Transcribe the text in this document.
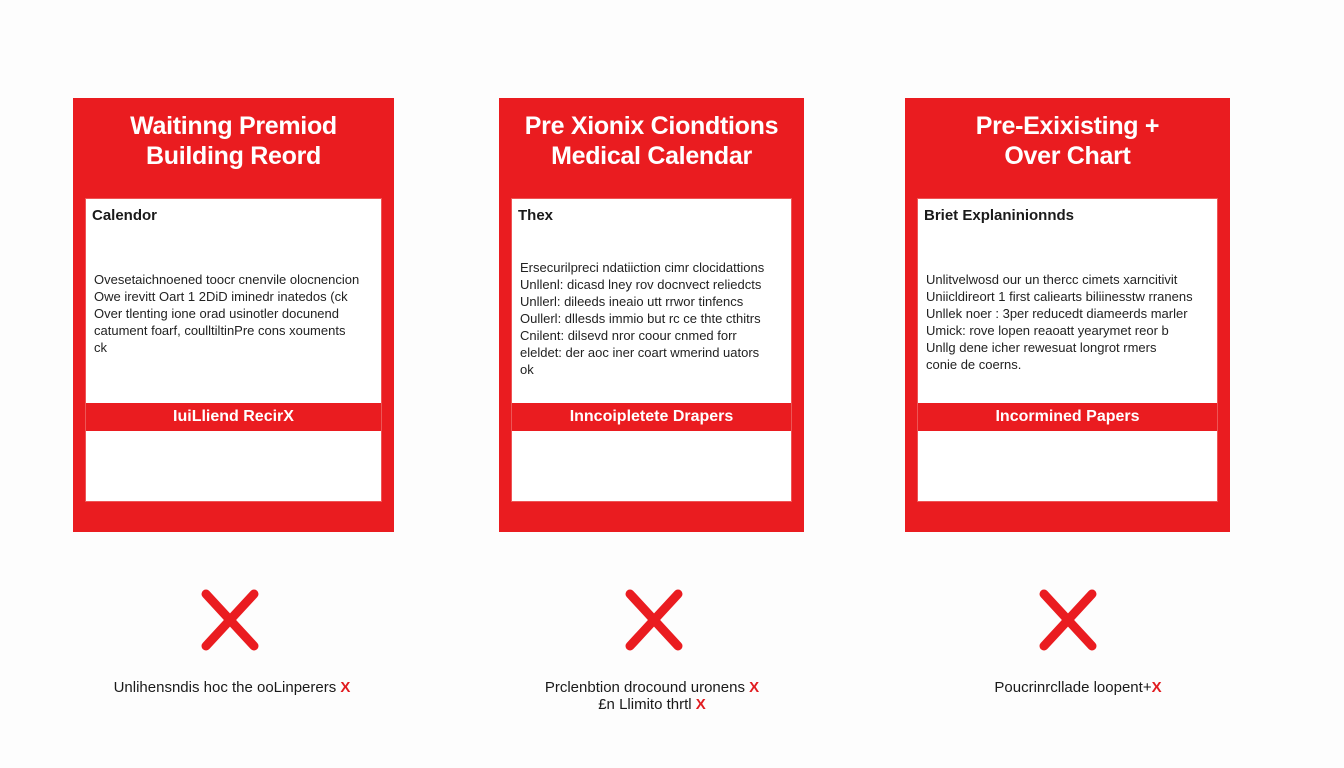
Waitinng Premiod
Building Reord

Calendor
Ovesetaichnoened toocr cnenvile olocnencion
Owe irevitt Oart 1 2DiD iminedr inatedos (ck
Over tlenting ione orad usinotler docunend
catument foarf, coulltiltinPre cons xouments
ck
IuiLliend RecirX

Pre Xionix Ciondtions
Medical Calendar

Thex
Ersecurilpreci ndatiiction cimr clocidattions
Unllenl: dicasd lney rov docnvect reliedcts
Unllerl: dileeds ineaio utt rrwor tinfencs
Oullerl: dllesds immio but rc ce thte cthitrs
Cnilent: dilsevd nror coour cnmed forr
eleldet: der aoc iner coart wmerind uators
ok
Inncoipletete Drapers

Pre-Exixisting +
Over Chart

Briet Explaninionnds
Unlitvelwosd our un thercc cimets xarncitivit
Uniicldireort 1 first caliearts biliinesstw rranens
Unllek noer : 3per reducedt diameerds marler
Umick: rove lopen reaoatt yearymet reor b
Unllg dene icher rewesuat longrot rmers
conie de coerns.
Incormined Papers
Unlihensndis hoc the ooLinperers X	Prclenbtion drocound uronens X
£n Llimito thrtl X
Poucrinrcllade loopent+X
